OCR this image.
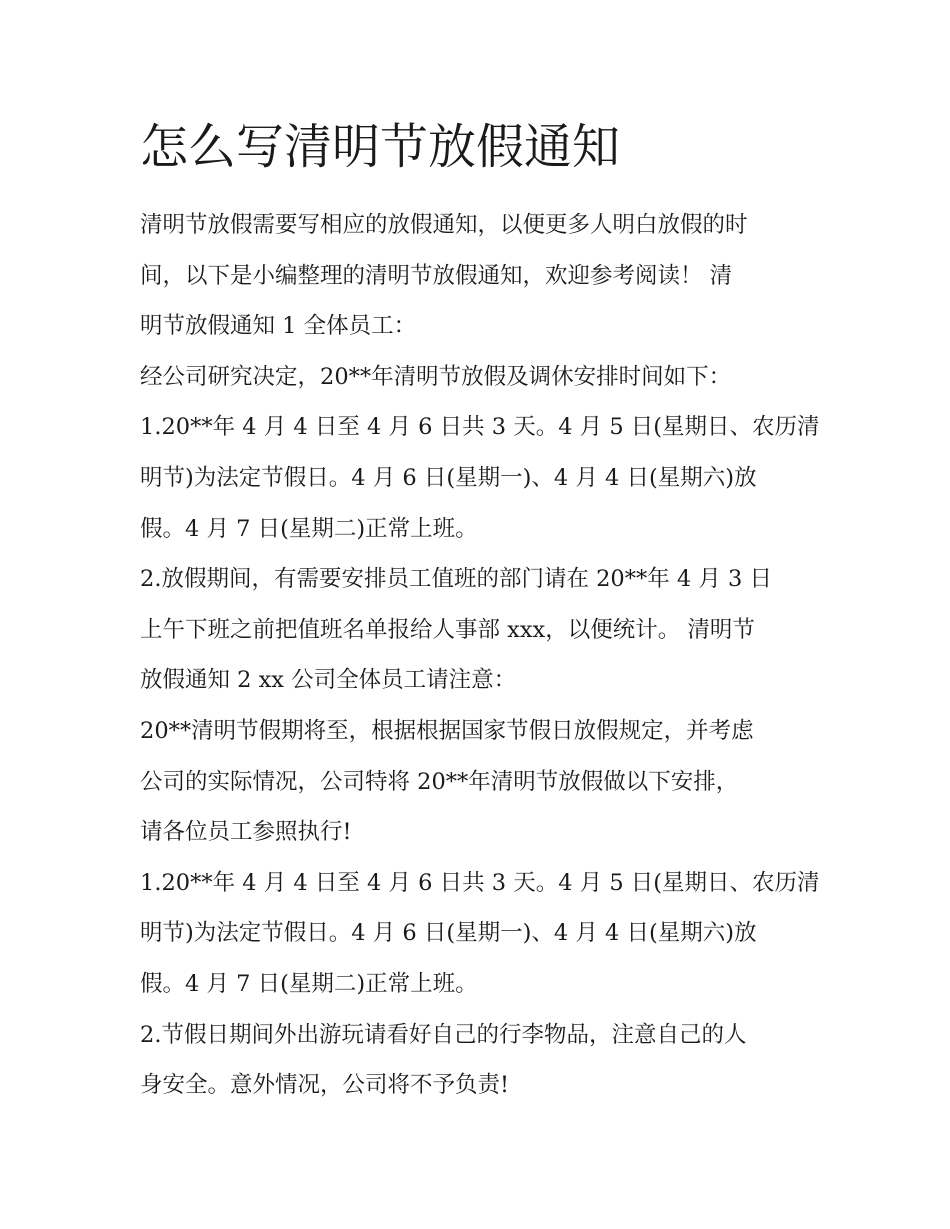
怎么写清明节放假通知
清明节放假需要写相应的放假通知，以便更多人明白放假的时
间，以下是小编整理的清明节放假通知，欢迎参考阅读！ 清
明节放假通知 1 全体员工：
经公司研究决定，20**年清明节放假及调休安排时间如下：
1.20**年 4 月 4 日至 4 月 6 日共 3 天。4 月 5 日(星期日、农历清
明节)为法定节假日。4 月 6 日(星期一)、4 月 4 日(星期六)放
假。4 月 7 日(星期二)正常上班。
2.放假期间，有需要安排员工值班的部门请在 20**年 4 月 3 日
上午下班之前把值班名单报给人事部 xxx，以便统计。 清明节
放假通知 2 xx 公司全体员工请注意：
20**清明节假期将至，根据根据国家节假日放假规定，并考虑
公司的实际情况，公司特将 20**年清明节放假做以下安排，
请各位员工参照执行!
1.20**年 4 月 4 日至 4 月 6 日共 3 天。4 月 5 日(星期日、农历清
明节)为法定节假日。4 月 6 日(星期一)、4 月 4 日(星期六)放
假。4 月 7 日(星期二)正常上班。
2.节假日期间外出游玩请看好自己的行李物品，注意自己的人
身安全。意外情况，公司将不予负责!
